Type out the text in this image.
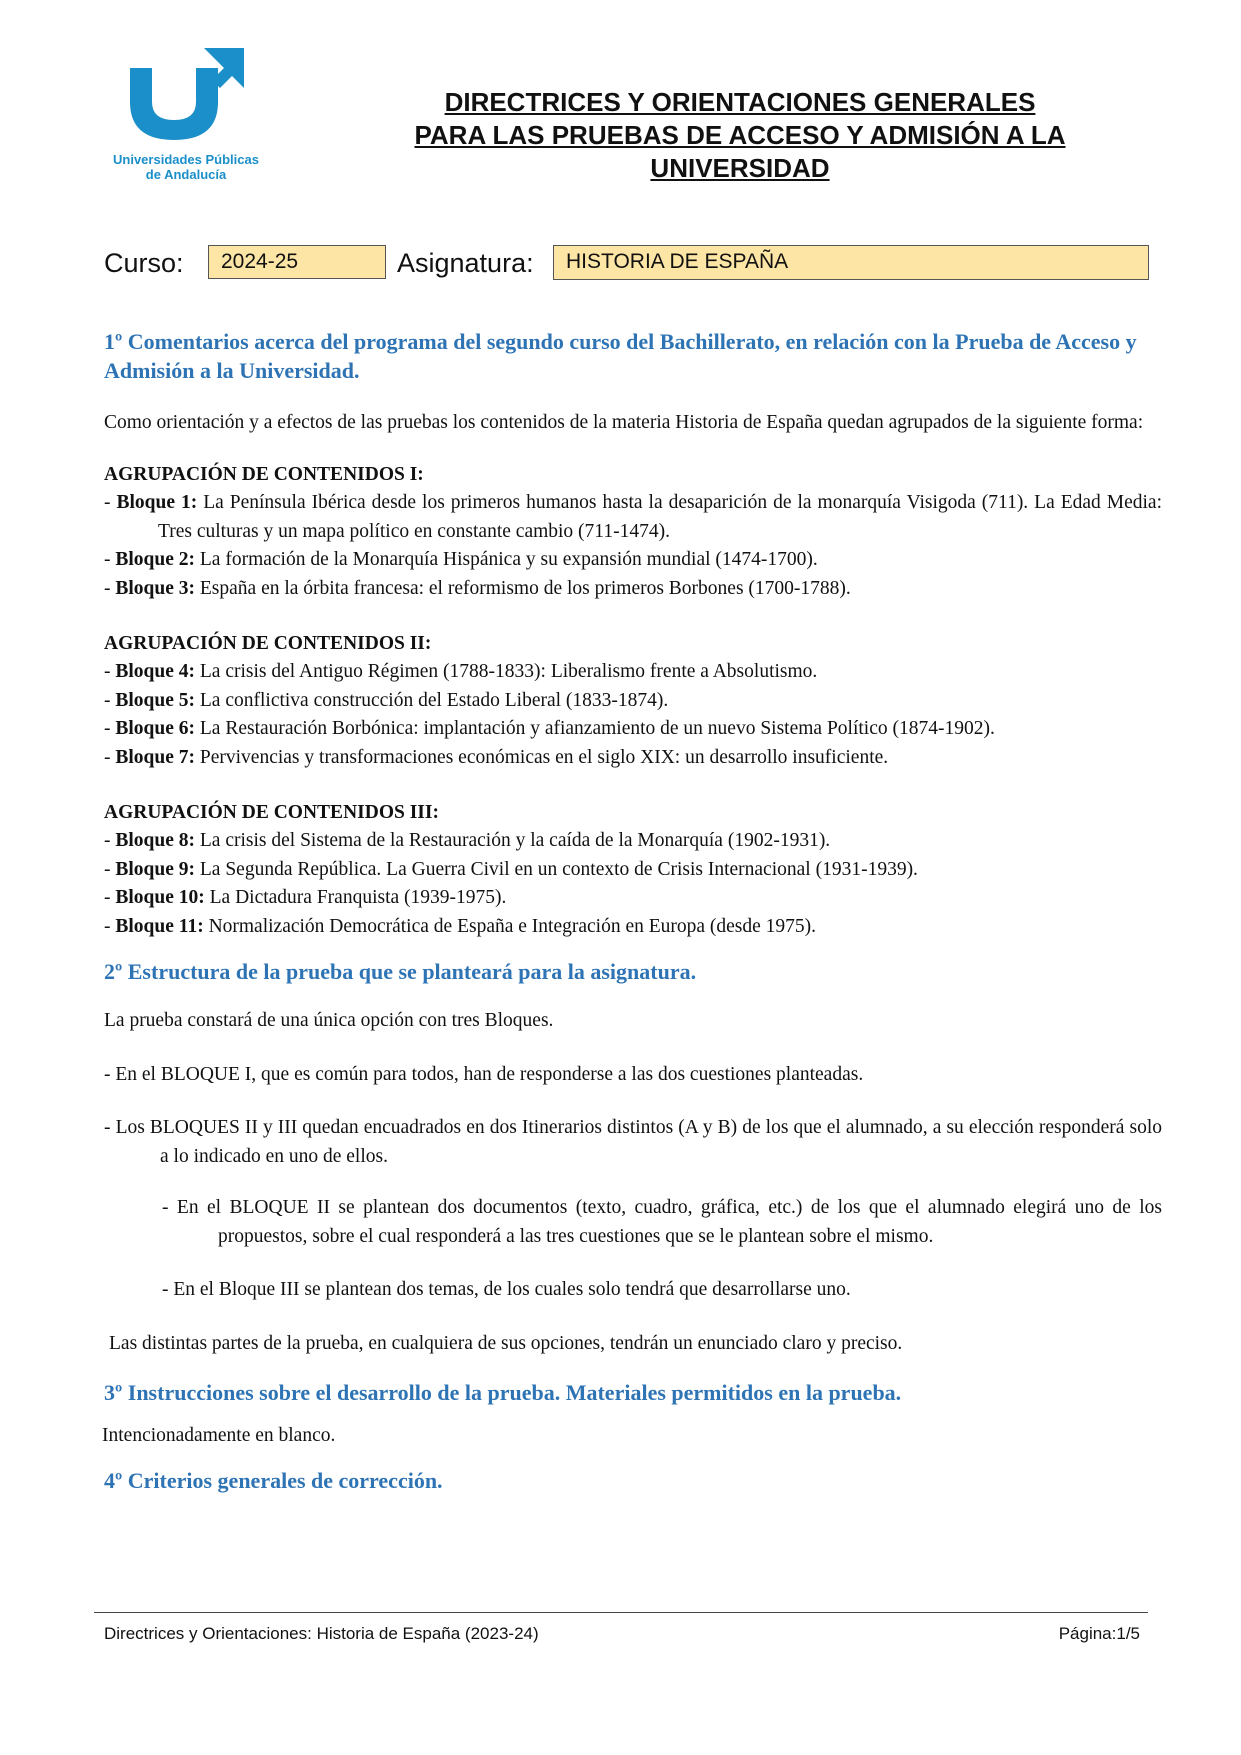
Universidades Públicas
de Andalucía
DIRECTRICES Y ORIENTACIONES GENERALES
PARA LAS PRUEBAS DE ACCESO Y ADMISIÓN A LA
UNIVERSIDAD
Curso:	2024-25	Asignatura:	HISTORIA DE ESPAÑA
1º Comentarios acerca del programa del segundo curso del Bachillerato, en relación con la Prueba de Acceso y Admisión a la Universidad.
Como orientación y a efectos de las pruebas los contenidos de la materia Historia de España quedan agrupados de la siguiente forma:
AGRUPACIÓN DE CONTENIDOS I:
- Bloque 1: La Península Ibérica desde los primeros humanos hasta la desaparición de la monarquía Visigoda (711). La Edad Media: Tres culturas y un mapa político en constante cambio (711-1474).
- Bloque 2: La formación de la Monarquía Hispánica y su expansión mundial (1474-1700).
- Bloque 3: España en la órbita francesa: el reformismo de los primeros Borbones (1700-1788).
AGRUPACIÓN DE CONTENIDOS II:
- Bloque 4: La crisis del Antiguo Régimen (1788-1833): Liberalismo frente a Absolutismo.
- Bloque 5: La conflictiva construcción del Estado Liberal (1833-1874).
- Bloque 6: La Restauración Borbónica: implantación y afianzamiento de un nuevo Sistema Político (1874-1902).
- Bloque 7: Pervivencias y transformaciones económicas en el siglo XIX: un desarrollo insuficiente.
AGRUPACIÓN DE CONTENIDOS III:
- Bloque 8: La crisis del Sistema de la Restauración y la caída de la Monarquía (1902-1931).
- Bloque 9: La Segunda República. La Guerra Civil en un contexto de Crisis Internacional (1931-1939).
- Bloque 10: La Dictadura Franquista (1939-1975).
- Bloque 11: Normalización Democrática de España e Integración en Europa (desde 1975).
2º Estructura de la prueba que se planteará para la asignatura.
La prueba constará de una única opción con tres Bloques.
- En el BLOQUE I, que es común para todos, han de responderse a las dos cuestiones planteadas.
- Los BLOQUES II y III quedan encuadrados en dos Itinerarios distintos (A y B) de los que el alumnado, a su elección responderá solo a lo indicado en uno de ellos.
- En el BLOQUE II se plantean dos documentos (texto, cuadro, gráfica, etc.) de los que el alumnado elegirá uno de los propuestos, sobre el cual responderá a las tres cuestiones que se le plantean sobre el mismo.
- En el Bloque III se plantean dos temas, de los cuales solo tendrá que desarrollarse uno.
Las distintas partes de la prueba, en cualquiera de sus opciones, tendrán un enunciado claro y preciso.
3º Instrucciones sobre el desarrollo de la prueba. Materiales permitidos en la prueba.
Intencionadamente en blanco.
4º Criterios generales de corrección.
Directrices y Orientaciones: Historia de España (2023-24)	Página:1/5
